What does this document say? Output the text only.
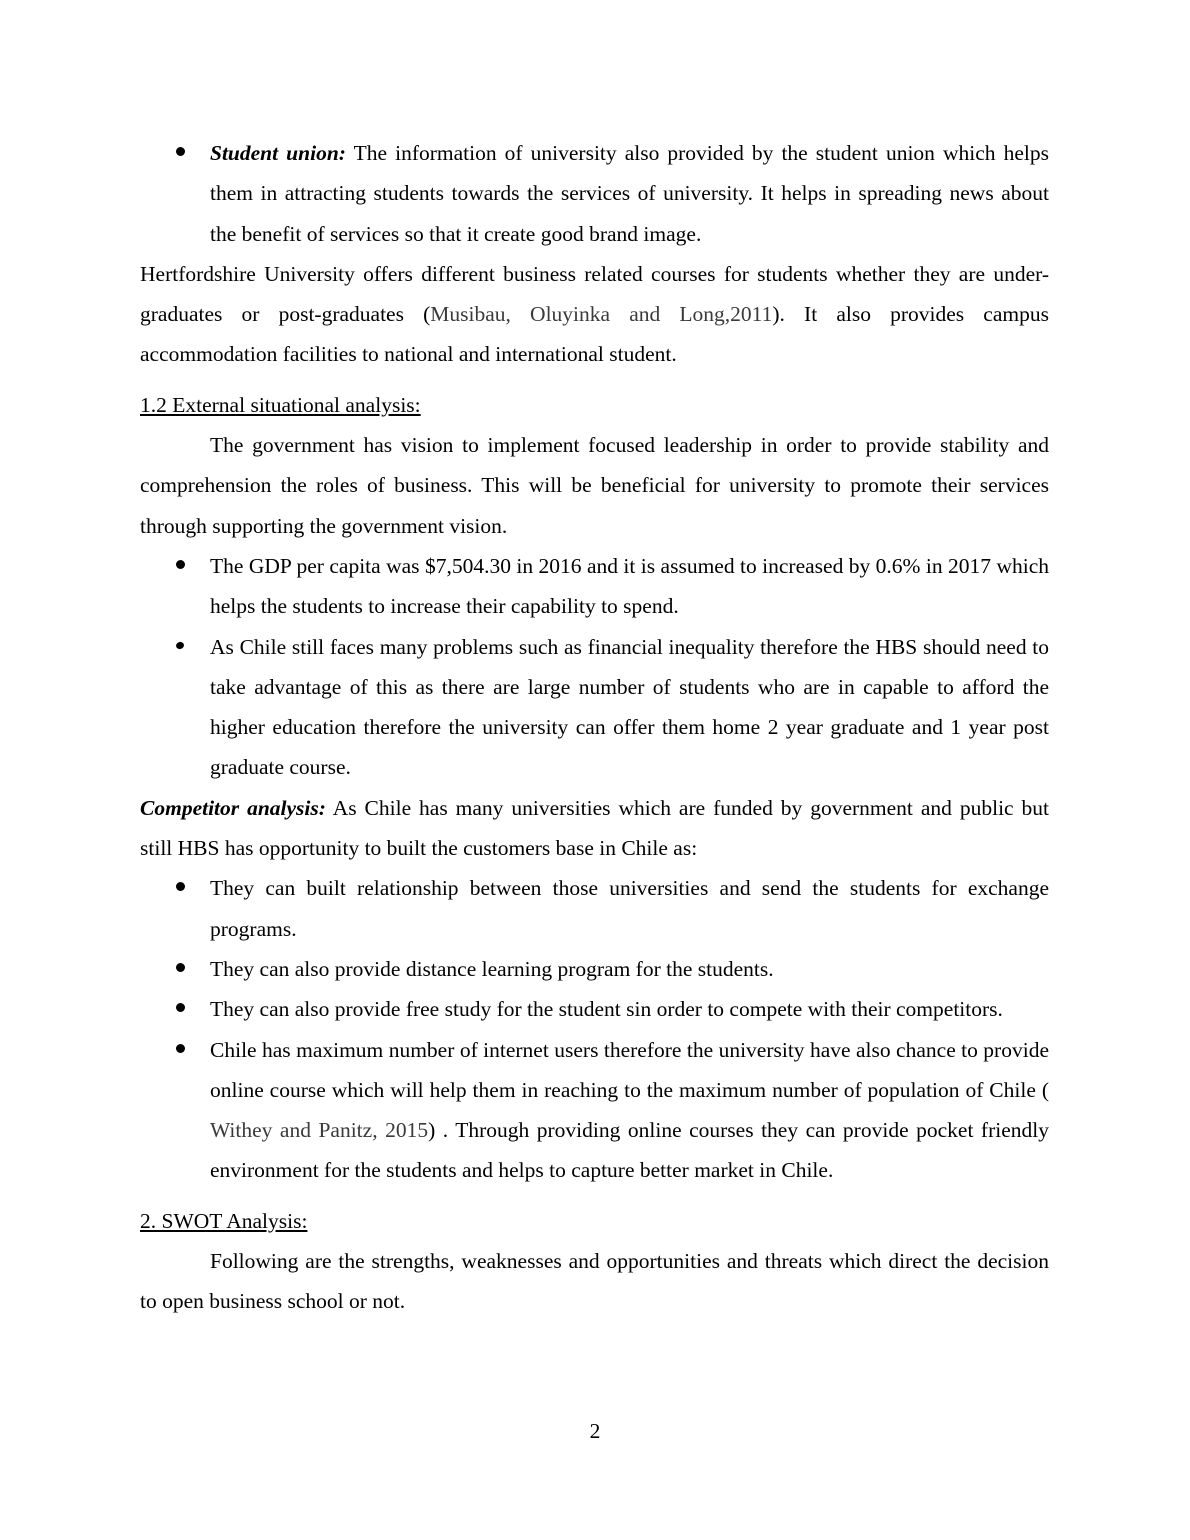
Student union: The information of university also provided by the student union which helps them in attracting students towards the services of university. It helps in spreading news about the benefit of services so that it create good brand image.

Hertfordshire University offers different business related courses for students whether they are under-graduates or post-graduates (Musibau, Oluyinka and Long,2011). It also provides campus accommodation facilities to national and international student.

1.2 External situational analysis:

The government has vision to implement focused leadership in order to provide stability and comprehension the roles of business. This will be beneficial for university to promote their services through supporting the government vision.

The GDP per capita was $7,504.30 in 2016 and it is assumed to increased by 0.6% in 2017 which helps the students to increase their capability to spend.
As Chile still faces many problems such as financial inequality therefore the HBS should need to take advantage of this as there are large number of students who are in capable to afford the higher education therefore the university can offer them home 2 year graduate and 1 year post graduate course.

Competitor analysis: As Chile has many universities which are funded by government and public but still HBS has opportunity to built the customers base in Chile as:

They can built relationship between those universities and send the students for exchange programs.
They can also provide distance learning program for the students.
They can also provide free study for the student sin order to compete with their competitors.
Chile has maximum number of internet users therefore the university have also chance to provide online course which will help them in reaching to the maximum number of population of Chile ( Withey and Panitz, 2015) . Through providing online courses they can provide pocket friendly environment for the students and helps to capture better market in Chile.

2. SWOT Analysis:

Following are the strengths, weaknesses and opportunities and threats which direct the decision to open business school or not.

2
